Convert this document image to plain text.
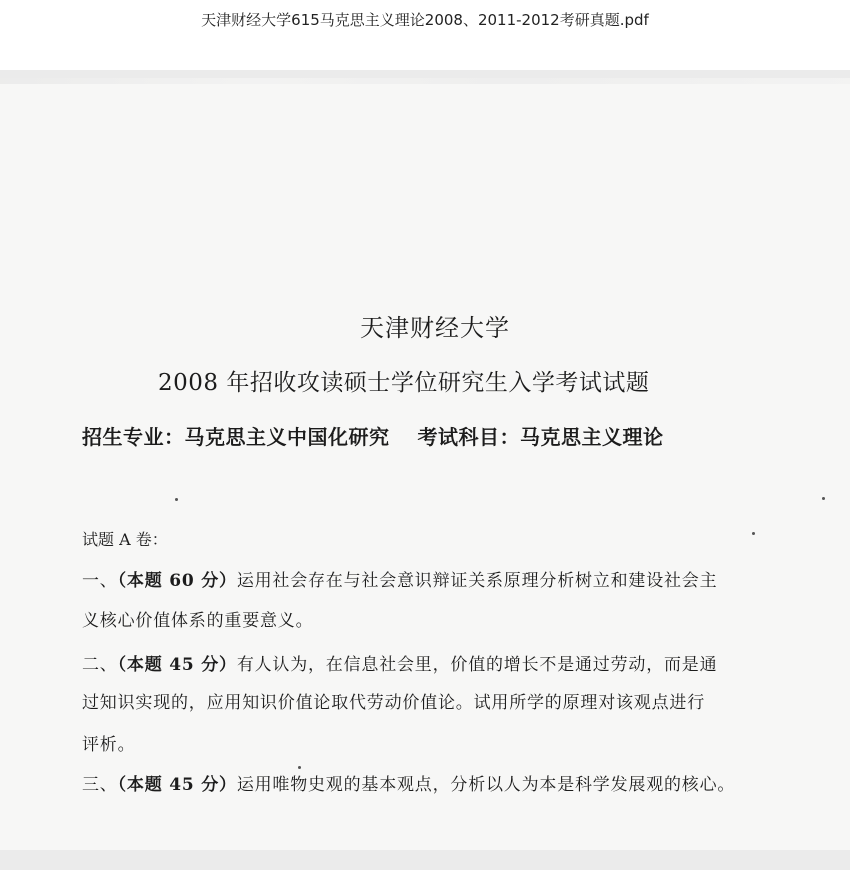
天津财经大学615马克思主义理论2008、2011-2012考研真题.pdf
天津财经大学
2008 年招收攻读硕士学位研究生入学考试试题
招生专业：马克思主义中国化研究 考试科目：马克思主义理论
试题 A 卷：
一、（本题 60 分）运用社会存在与社会意识辩证关系原理分析树立和建设社会主
义核心价值体系的重要意义。
二、（本题 45 分）有人认为，在信息社会里，价值的增长不是通过劳动，而是通
过知识实现的，应用知识价值论取代劳动价值论。试用所学的原理对该观点进行
评析。
三、（本题 45 分）运用唯物史观的基本观点，分析以人为本是科学发展观的核心。
